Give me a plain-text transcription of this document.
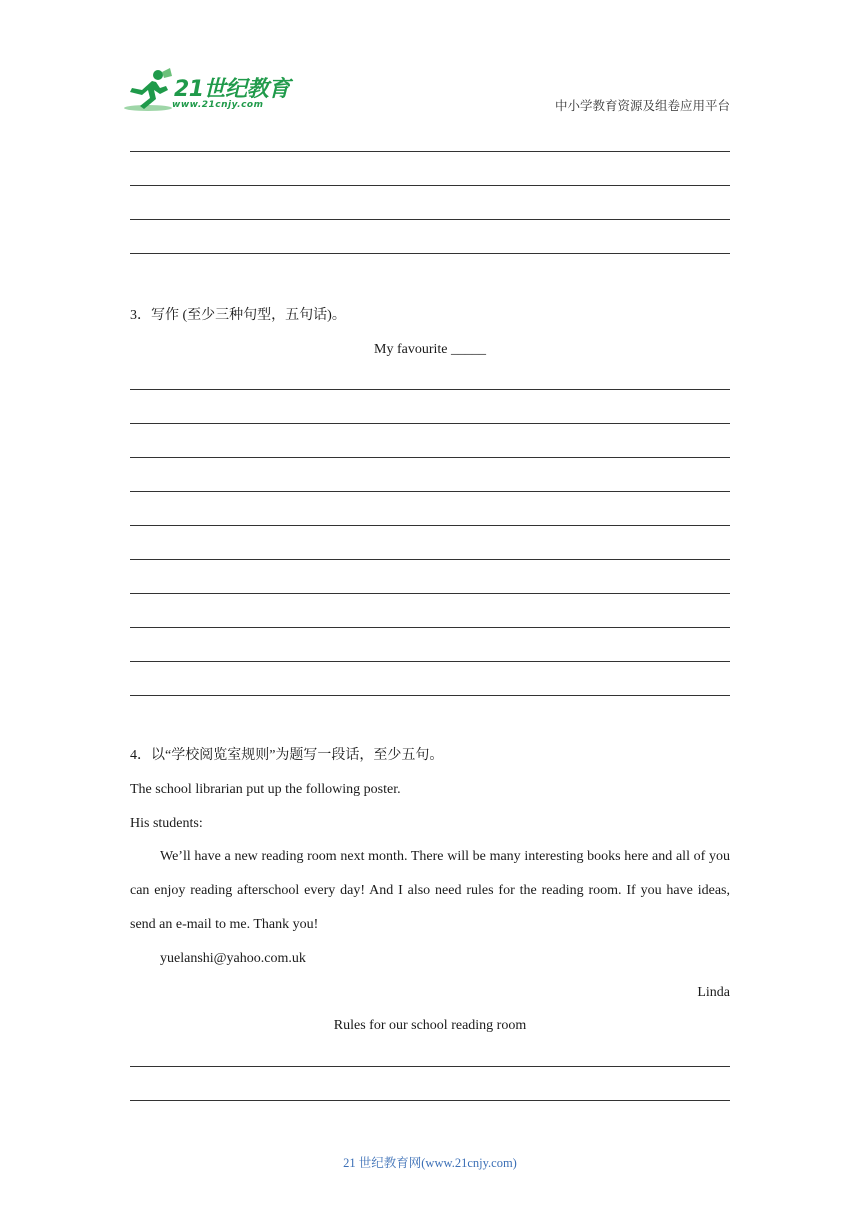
21世纪教育
www.21cnjy.com	中小学教育资源及组卷应用平台
3．写作 (至少三种句型，五句话)。
My favourite _____
4．以“学校阅览室规则”为题写一段话，至少五句。
The school librarian put up the following poster.
His students:
We’ll have a new reading room next month. There will be many interesting books here and all of you can enjoy reading afterschool every day! And I also need rules for the reading room. If you have ideas, send an e-mail to me. Thank you!
yuelanshi@yahoo.com.uk
Linda
Rules for our school reading room
21 世纪教育网(www.21cnjy.com)
